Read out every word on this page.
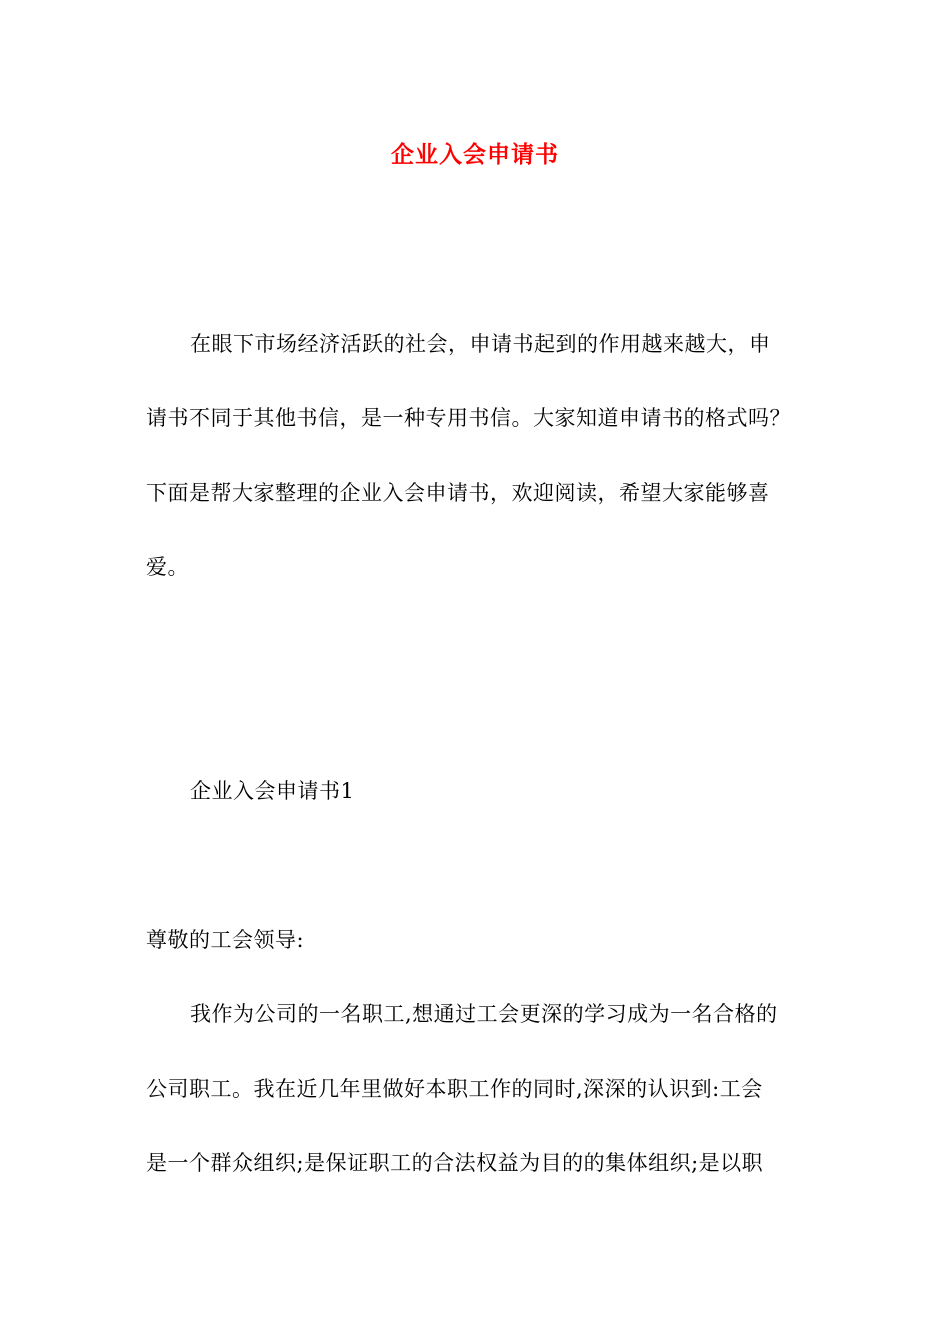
企业入会申请书
在眼下市场经济活跃的社会，申请书起到的作用越来越大，申
请书不同于其他书信，是一种专用书信。大家知道申请书的格式吗？
下面是帮大家整理的企业入会申请书，欢迎阅读，希望大家能够喜
爱。
企业入会申请书1
尊敬的工会领导:
我作为公司的一名职工,想通过工会更深的学习成为一名合格的
公司职工。我在近几年里做好本职工作的同时,深深的认识到:工会
是一个群众组织;是保证职工的合法权益为目的的集体组织;是以职
